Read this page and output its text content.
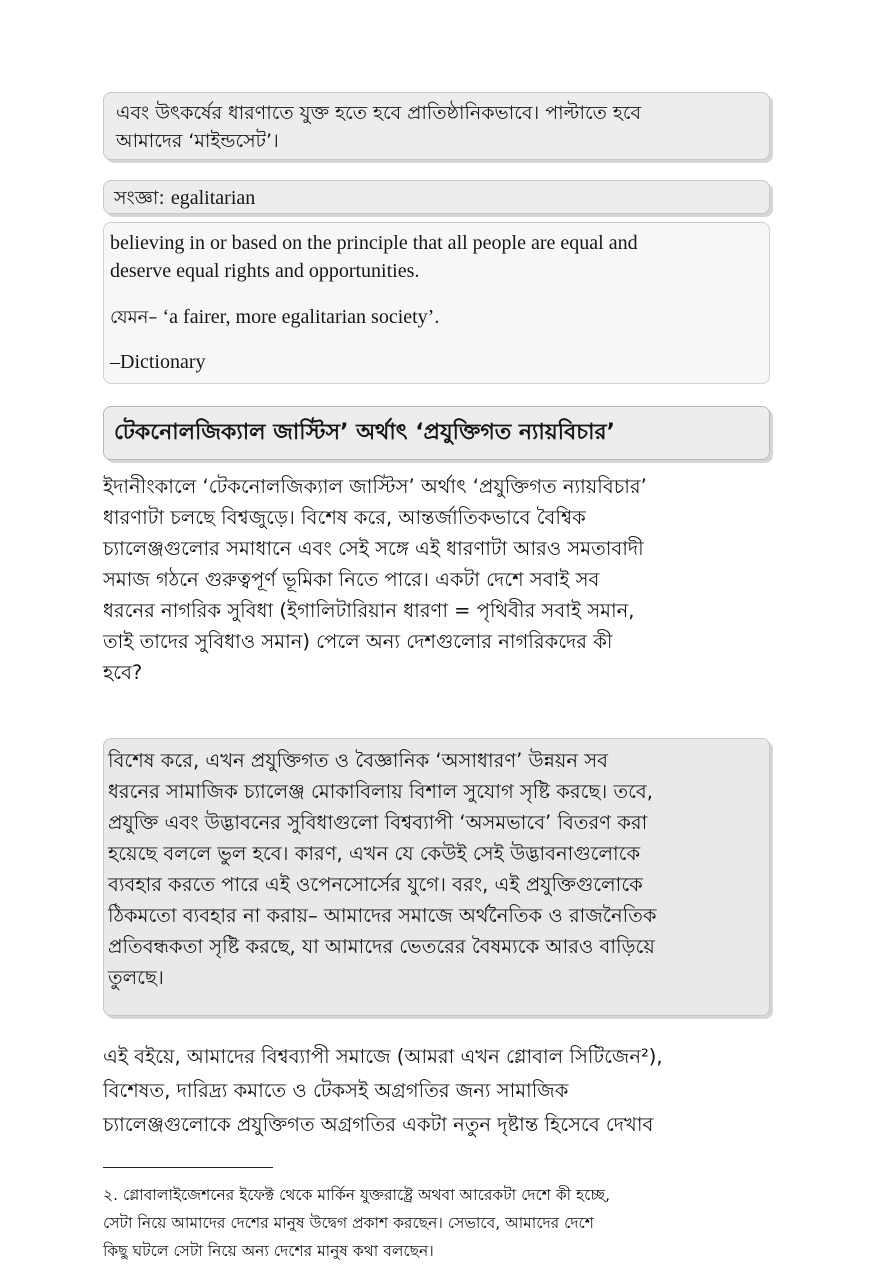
এবং উৎকর্ষের ধারণাতে যুক্ত হতে হবে প্রাতিষ্ঠানিকভাবে। পাল্টাতে হবে
আমাদের ‘মাইন্ডসেট’।
সংজ্ঞা: egalitarian
believing in or based on the principle that all people are equal and
deserve equal rights and opportunities.
যেমন– ‘a fairer, more egalitarian society’.
–Dictionary
টেকনোলজিক্যাল জাস্টিস’ অর্থাৎ ‘প্রযুক্তিগত ন্যায়বিচার’
ইদানীংকালে ‘টেকনোলজিক্যাল জাস্টিস’ অর্থাৎ ‘প্রযুক্তিগত ন্যায়বিচার’
ধারণাটা চলছে বিশ্বজুড়ে। বিশেষ করে, আন্তর্জাতিকভাবে বৈশ্বিক
চ্যালেঞ্জগুলোর সমাধানে এবং সেই সঙ্গে এই ধারণাটা আরও সমতাবাদী
সমাজ গঠনে গুরুত্বপূর্ণ ভূমিকা নিতে পারে। একটা দেশে সবাই সব
ধরনের নাগরিক সুবিধা (ইগালিটারিয়ান ধারণা = পৃথিবীর সবাই সমান,
তাই তাদের সুবিধাও সমান) পেলে অন্য দেশগুলোর নাগরিকদের কী
হবে?
বিশেষ করে, এখন প্রযুক্তিগত ও বৈজ্ঞানিক ‘অসাধারণ’ উন্নয়ন সব
ধরনের সামাজিক চ্যালেঞ্জ মোকাবিলায় বিশাল সুযোগ সৃষ্টি করছে। তবে,
প্রযুক্তি এবং উদ্ভাবনের সুবিধাগুলো বিশ্বব্যাপী ‘অসমভাবে’ বিতরণ করা
হয়েছে বললে ভুল হবে। কারণ, এখন যে কেউই সেই উদ্ভাবনাগুলোকে
ব্যবহার করতে পারে এই ওপেনসোর্সের যুগে। বরং, এই প্রযুক্তিগুলোকে
ঠিকমতো ব্যবহার না করায়– আমাদের সমাজে অর্থনৈতিক ও রাজনৈতিক
প্রতিবন্ধকতা সৃষ্টি করছে, যা আমাদের ভেতরের বৈষম্যকে আরও বাড়িয়ে
তুলছে।
এই বইয়ে, আমাদের বিশ্বব্যাপী সমাজে (আমরা এখন গ্লোবাল সিটিজেন²),
বিশেষত, দারিদ্র্য কমাতে ও টেকসই অগ্রগতির জন্য সামাজিক
চ্যালেঞ্জগুলোকে প্রযুক্তিগত অগ্রগতির একটা নতুন দৃষ্টান্ত হিসেবে দেখাব
২. গ্লোবালাইজেশনের ইফেক্ট থেকে মার্কিন যুক্তরাষ্ট্রে অথবা আরেকটা দেশে কী হচ্ছে,
সেটা নিয়ে আমাদের দেশের মানুষ উদ্বেগ প্রকাশ করছেন। সেভাবে, আমাদের দেশে
কিছু ঘটলে সেটা নিয়ে অন্য দেশের মানুষ কথা বলছেন।
